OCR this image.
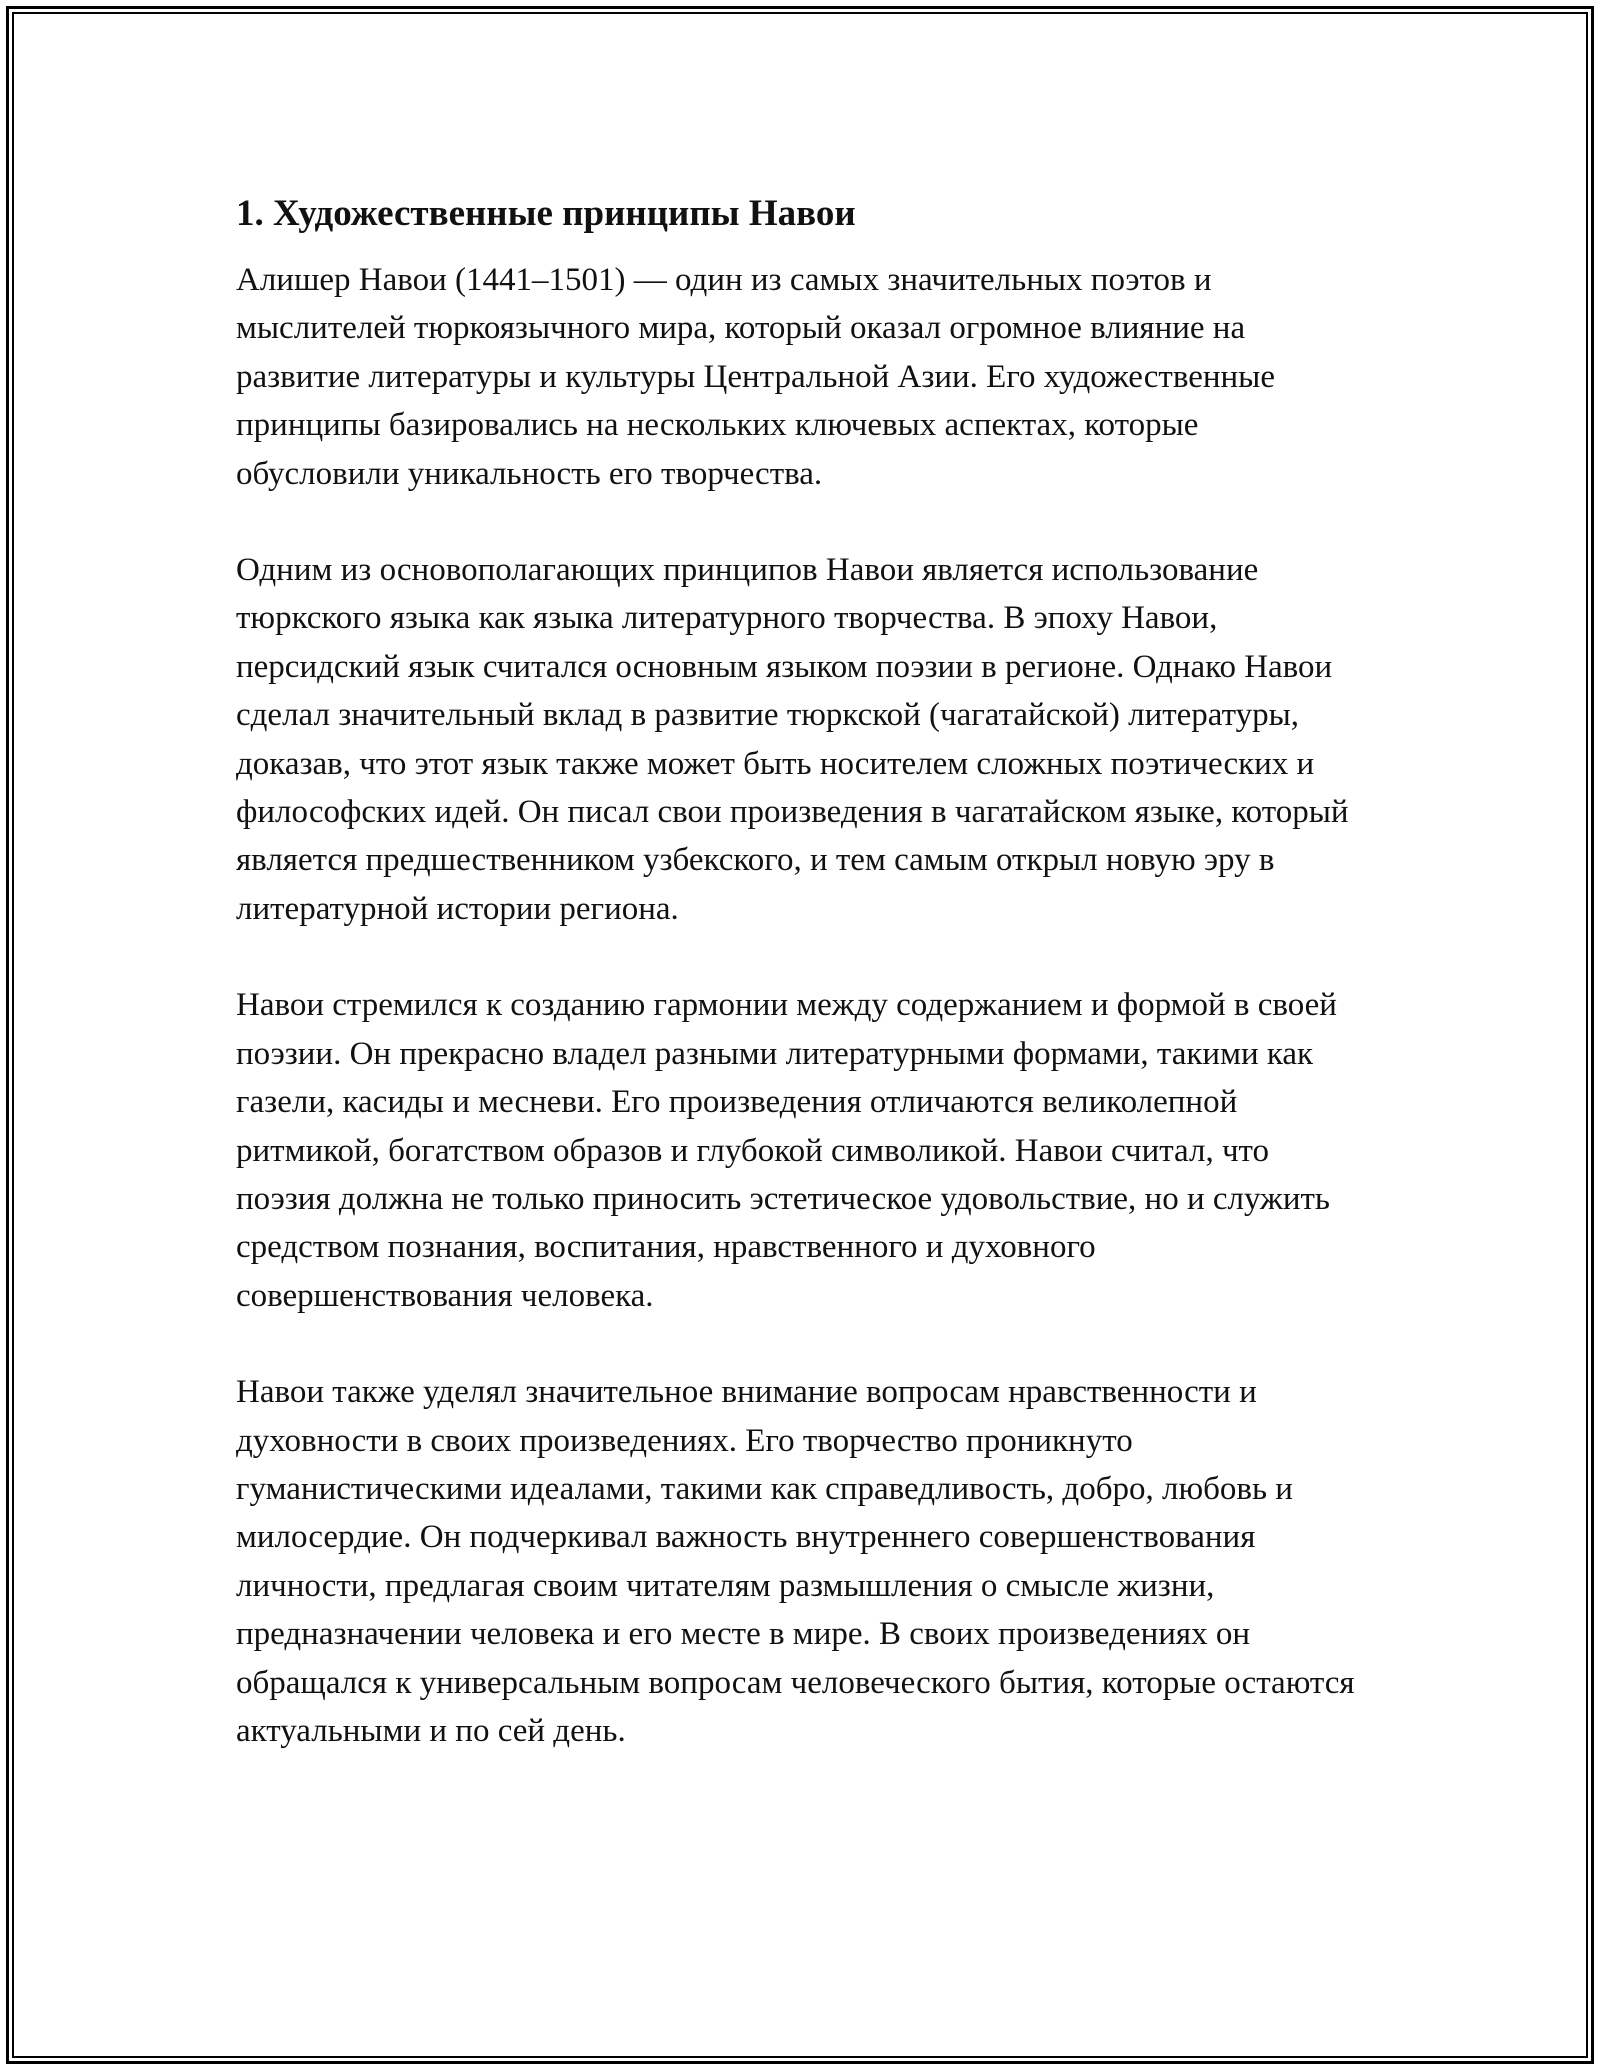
1. Художественные принципы Навои

Алишер Навои (1441–1501) — один из самых значительных поэтов и мыслителей тюркоязычного мира, который оказал огромное влияние на развитие литературы и культуры Центральной Азии. Его художественные принципы базировались на нескольких ключевых аспектах, которые обусловили уникальность его творчества.

Одним из основополагающих принципов Навои является использование тюркского языка как языка литературного творчества. В эпоху Навои, персидский язык считался основным языком поэзии в регионе. Однако Навои сделал значительный вклад в развитие тюркской (чагатайской) литературы, доказав, что этот язык также может быть носителем сложных поэтических и философских идей. Он писал свои произведения в чагатайском языке, который является предшественником узбекского, и тем самым открыл новую эру в литературной истории региона.

Навои стремился к созданию гармонии между содержанием и формой в своей поэзии. Он прекрасно владел разными литературными формами, такими как газели, касиды и месневи. Его произведения отличаются великолепной ритмикой, богатством образов и глубокой символикой. Навои считал, что поэзия должна не только приносить эстетическое удовольствие, но и служить средством познания, воспитания, нравственного и духовного совершенствования человека.

Навои также уделял значительное внимание вопросам нравственности и духовности в своих произведениях. Его творчество проникнуто гуманистическими идеалами, такими как справедливость, добро, любовь и милосердие. Он подчеркивал важность внутреннего совершенствования личности, предлагая своим читателям размышления о смысле жизни, предназначении человека и его месте в мире. В своих произведениях он обращался к универсальным вопросам человеческого бытия, которые остаются актуальными и по сей день.
